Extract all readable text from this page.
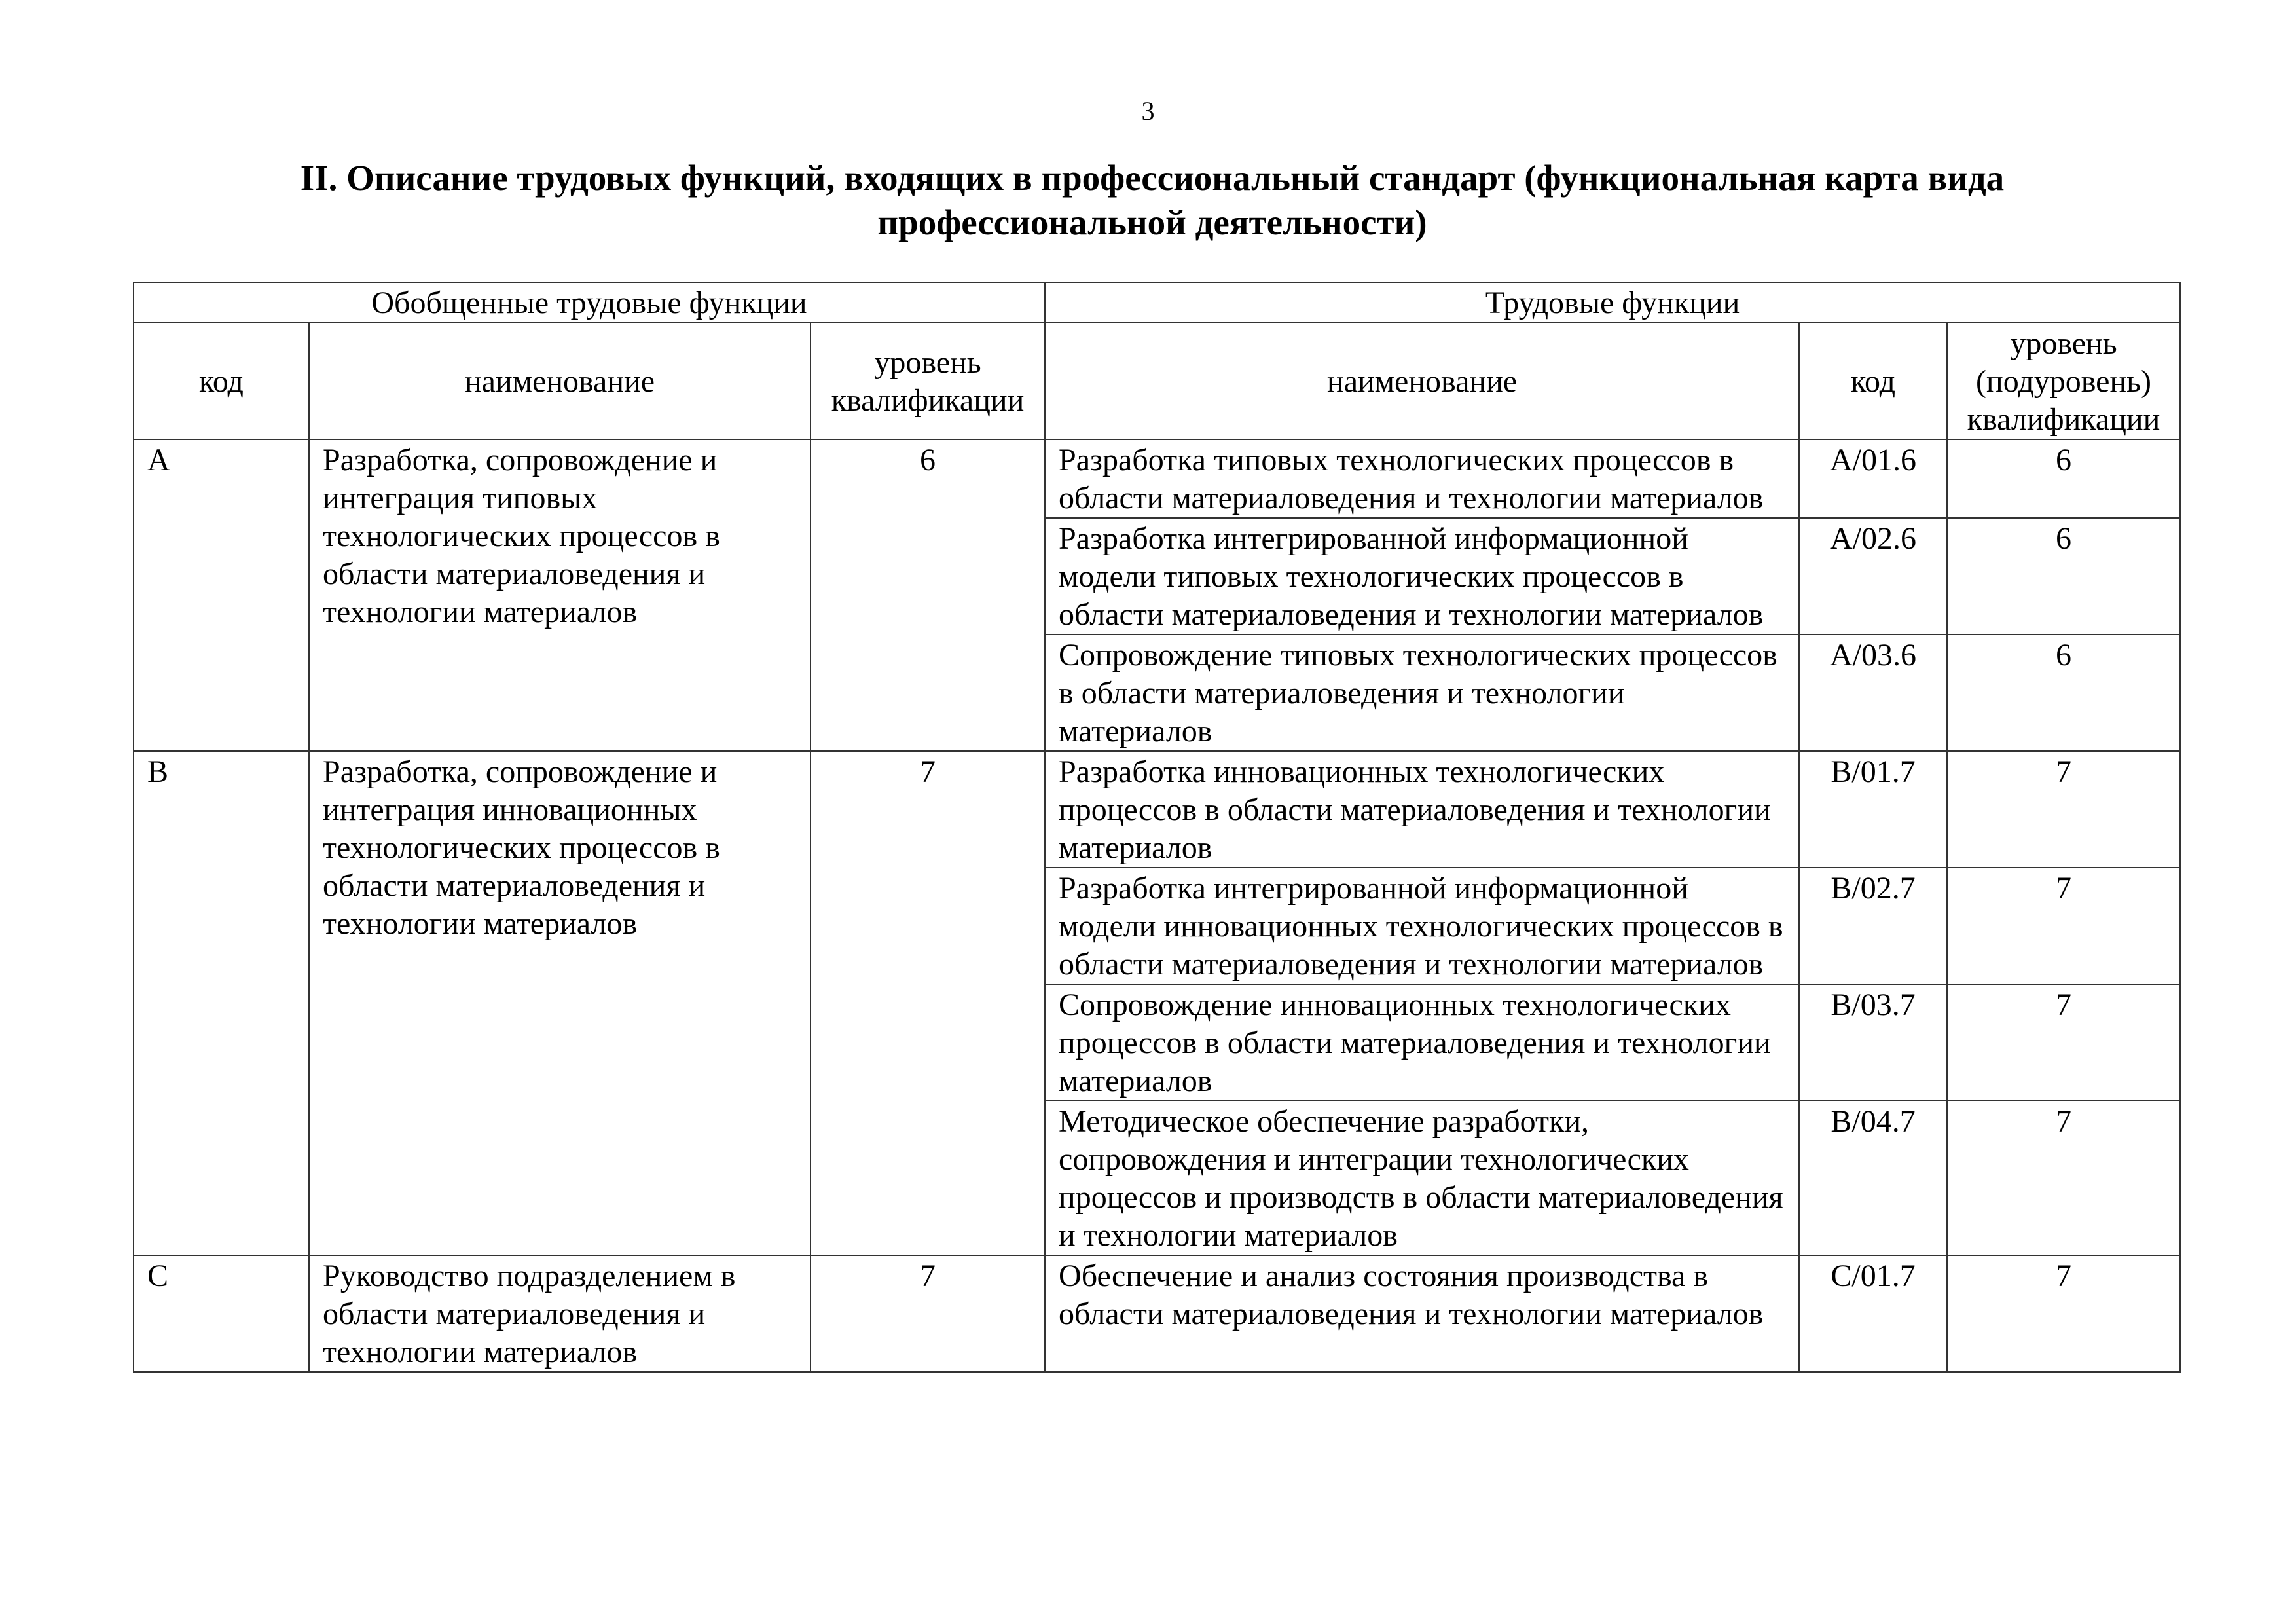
3
II. Описание трудовых функций, входящих в профессиональный стандарт (функциональная карта вида
профессиональной деятельности)
Обобщенные трудовые функции			Трудовые функции		
код	наименование	уровень квалификации	наименование	код	уровень (подуровень) квалификации
A	Разработка, сопровождение и интеграция типовых технологических процессов в области материаловедения и технологии материалов	6	Разработка типовых технологических процессов в области материаловедения и технологии материалов	A/01.6	6
			Разработка интегрированной информационной модели типовых технологических процессов в области материаловедения и технологии материалов	A/02.6	6
			Сопровождение типовых технологических процессов в области материаловедения и технологии материалов	A/03.6	6
B	Разработка, сопровождение и интеграция инновационных технологических процессов в области материаловедения и технологии материалов	7	Разработка инновационных технологических процессов в области материаловедения и технологии материалов	B/01.7	7
			Разработка интегрированной информационной модели инновационных технологических процессов в области материаловедения и технологии материалов	B/02.7	7
			Сопровождение инновационных технологических процессов в области материаловедения и технологии материалов	B/03.7	7
			Методическое обеспечение разработки, сопровождения и интеграции технологических процессов и производств в области материаловедения и технологии материалов	B/04.7	7
C	Руководство подразделением в области материаловедения и технологии материалов	7	Обеспечение и анализ состояния производства в области материаловедения и технологии материалов	C/01.7	7
